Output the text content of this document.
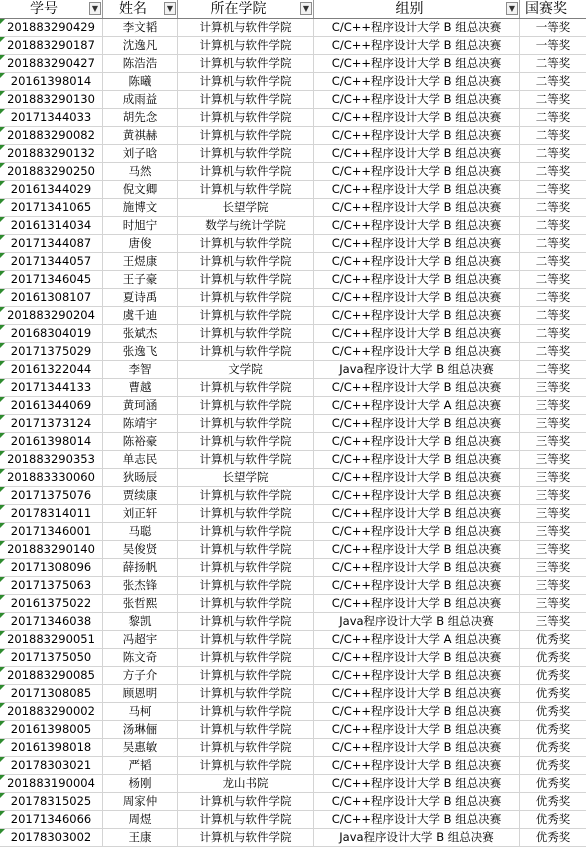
学号	▼	姓名	▼	所在学院	▼	组别	▼ 国赛奖
201883290429	李文韬	计算机与软件学院	C/C++程序设计大学 B 组总决赛	一等奖
201883290187	沈逸凡	计算机与软件学院	C/C++程序设计大学 B 组总决赛	一等奖
201883290427	陈浩浩	计算机与软件学院	C/C++程序设计大学 B 组总决赛	二等奖
20161398014	陈曦	计算机与软件学院	C/C++程序设计大学 B 组总决赛	二等奖
201883290130	成雨益	计算机与软件学院	C/C++程序设计大学 B 组总决赛	二等奖
20171344033	胡先念	计算机与软件学院	C/C++程序设计大学 B 组总决赛	二等奖
201883290082	黄祺赫	计算机与软件学院	C/C++程序设计大学 B 组总决赛	二等奖
201883290132	刘子晗	计算机与软件学院	C/C++程序设计大学 B 组总决赛	二等奖
201883290250	马然	计算机与软件学院	C/C++程序设计大学 B 组总决赛	二等奖
20161344029	倪文卿	计算机与软件学院	C/C++程序设计大学 B 组总决赛	二等奖
20171341065	施博文	长望学院	C/C++程序设计大学 B 组总决赛	二等奖
20161314034	时旭宁	数学与统计学院	C/C++程序设计大学 B 组总决赛	二等奖
20171344087	唐俊	计算机与软件学院	C/C++程序设计大学 B 组总决赛	二等奖
20171344057	王煜康	计算机与软件学院	C/C++程序设计大学 B 组总决赛	二等奖
20171346045	王子豪	计算机与软件学院	C/C++程序设计大学 B 组总决赛	二等奖
20161308107	夏诗禹	计算机与软件学院	C/C++程序设计大学 B 组总决赛	二等奖
201883290204	虞千迪	计算机与软件学院	C/C++程序设计大学 B 组总决赛	二等奖
20168304019	张斌杰	计算机与软件学院	C/C++程序设计大学 B 组总决赛	二等奖
20171375029	张逸飞	计算机与软件学院	C/C++程序设计大学 B 组总决赛	二等奖
20161322044	李智	文学院	Java程序设计大学 B 组总决赛	二等奖
20171344133	曹越	计算机与软件学院	C/C++程序设计大学 B 组总决赛	三等奖
20161344069	黄珂涵	计算机与软件学院	C/C++程序设计大学 A 组总决赛	三等奖
20171373124	陈靖宇	计算机与软件学院	C/C++程序设计大学 B 组总决赛	三等奖
20161398014	陈裕豪	计算机与软件学院	C/C++程序设计大学 B 组总决赛	三等奖
201883290353	单志民	计算机与软件学院	C/C++程序设计大学 B 组总决赛	三等奖
201883330060	狄旸辰	长望学院	C/C++程序设计大学 B 组总决赛	三等奖
20171375076	贾续康	计算机与软件学院	C/C++程序设计大学 B 组总决赛	三等奖
20178314011	刘正轩	计算机与软件学院	C/C++程序设计大学 B 组总决赛	三等奖
20171346001	马聪	计算机与软件学院	C/C++程序设计大学 B 组总决赛	三等奖
201883290140	吴俊贤	计算机与软件学院	C/C++程序设计大学 B 组总决赛	三等奖
20171308096	薛扬帆	计算机与软件学院	C/C++程序设计大学 B 组总决赛	三等奖
20171375063	张杰锋	计算机与软件学院	C/C++程序设计大学 B 组总决赛	三等奖
20161375022	张哲熙	计算机与软件学院	C/C++程序设计大学 B 组总决赛	三等奖
20171346038	黎凯	计算机与软件学院	Java程序设计大学 B 组总决赛	三等奖
201883290051	冯超宇	计算机与软件学院	C/C++程序设计大学 A 组总决赛	优秀奖
20171375050	陈文奇	计算机与软件学院	C/C++程序设计大学 B 组总决赛	优秀奖
201883290085	方子介	计算机与软件学院	C/C++程序设计大学 B 组总决赛	优秀奖
20171308085	顾恩明	计算机与软件学院	C/C++程序设计大学 B 组总决赛	优秀奖
201883290002	马柯	计算机与软件学院	C/C++程序设计大学 B 组总决赛	优秀奖
20161398005	汤琳俪	计算机与软件学院	C/C++程序设计大学 B 组总决赛	优秀奖
20161398018	吴惠敏	计算机与软件学院	C/C++程序设计大学 B 组总决赛	优秀奖
20178303021	严韬	计算机与软件学院	C/C++程序设计大学 B 组总决赛	优秀奖
201883190004	杨刚	龙山书院	C/C++程序设计大学 B 组总决赛	优秀奖
20178315025	周家仲	计算机与软件学院	C/C++程序设计大学 B 组总决赛	优秀奖
20171346066	周煜	计算机与软件学院	C/C++程序设计大学 B 组总决赛	优秀奖
20178303002	王康	计算机与软件学院	Java程序设计大学 B 组总决赛	优秀奖
